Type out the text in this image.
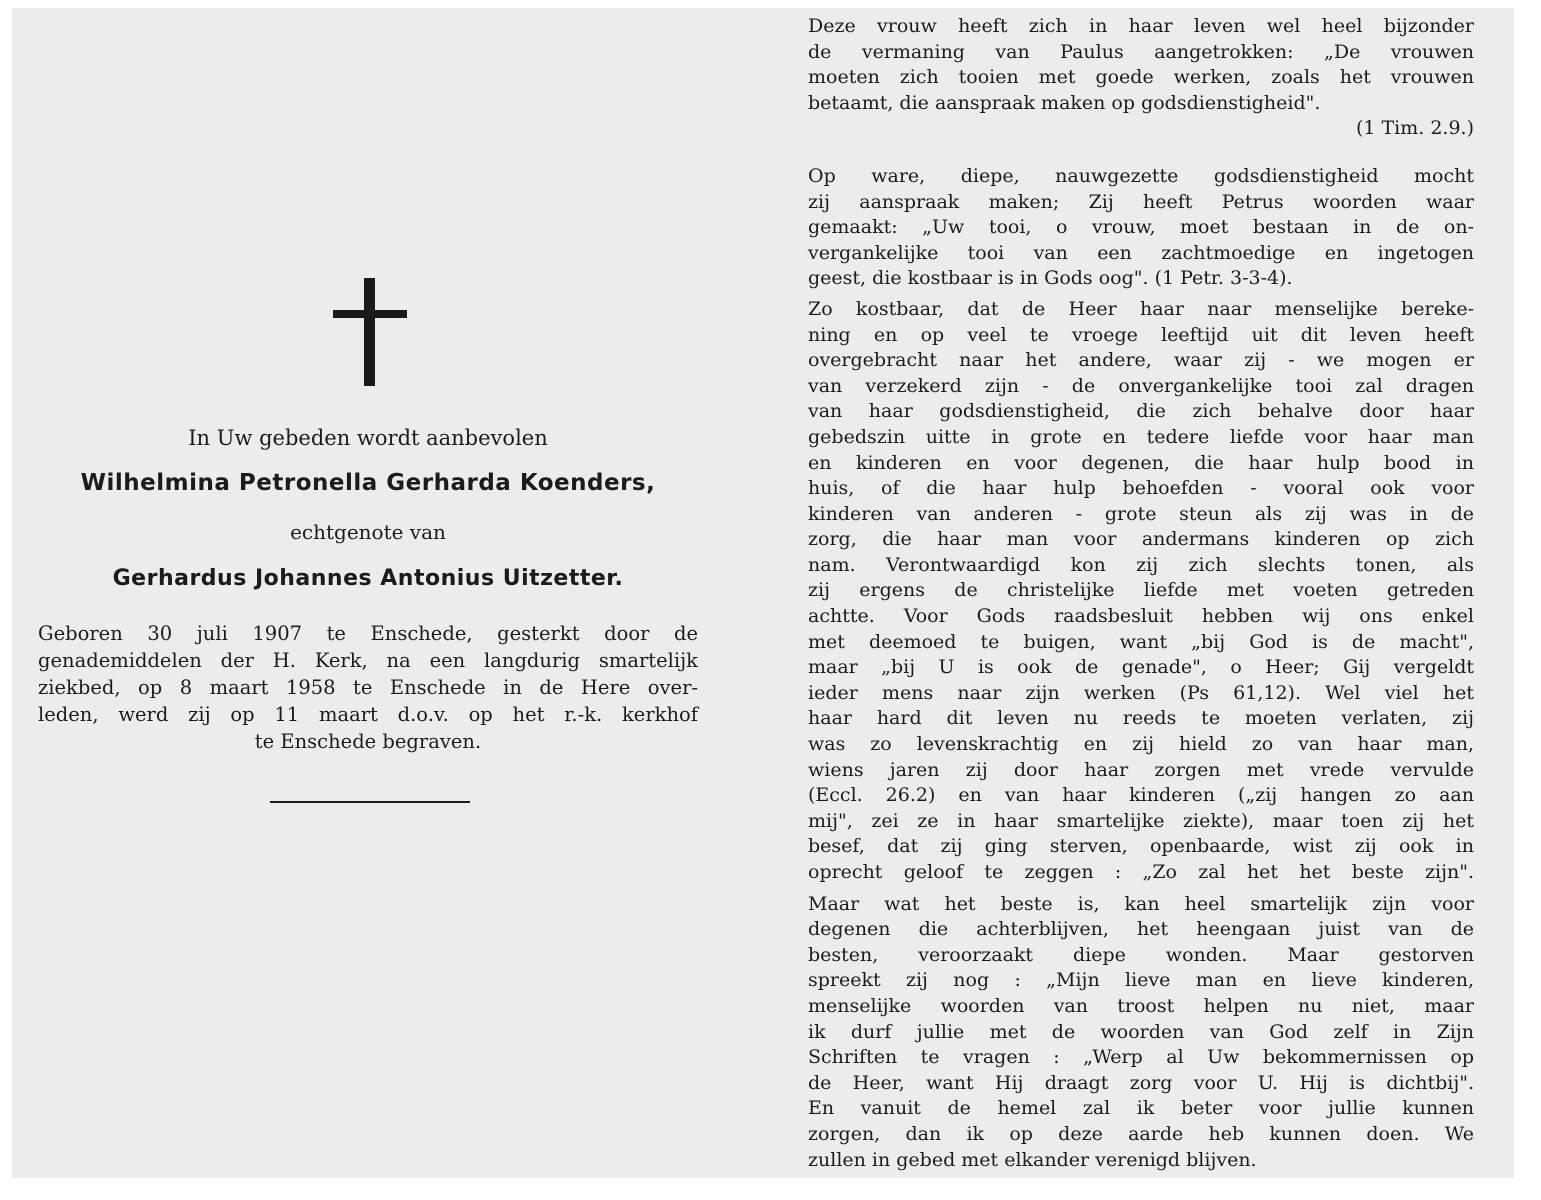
In Uw gebeden wordt aanbevolen
Wilhelmina Petronella Gerharda Koenders,
echtgenote van
Gerhardus Johannes Antonius Uitzetter.
Geboren 30 juli 1907 te Enschede, gesterkt door de
genademiddelen der H. Kerk, na een langdurig smartelijk
ziekbed, op 8 maart 1958 te Enschede in de Here over-
leden, werd zij op 11 maart d.o.v. op het r.-k. kerkhof
te Enschede begraven.
Deze vrouw heeft zich in haar leven wel heel bijzonder
de vermaning van Paulus aangetrokken: „De vrouwen
moeten zich tooien met goede werken, zoals het vrouwen
betaamt, die aanspraak maken op godsdienstigheid".
(1 Tim. 2.9.)
Op ware, diepe, nauwgezette godsdienstigheid mocht
zij aanspraak maken; Zij heeft Petrus woorden waar
gemaakt: „Uw tooi, o vrouw, moet bestaan in de on-
vergankelijke tooi van een zachtmoedige en ingetogen
geest, die kostbaar is in Gods oog". (1 Petr. 3-3-4).
Zo kostbaar, dat de Heer haar naar menselijke bereke-
ning en op veel te vroege leeftijd uit dit leven heeft
overgebracht naar het andere, waar zij - we mogen er
van verzekerd zijn - de onvergankelijke tooi zal dragen
van haar godsdienstigheid, die zich behalve door haar
gebedszin uitte in grote en tedere liefde voor haar man
en kinderen en voor degenen, die haar hulp bood in
huis, of die haar hulp behoefden - vooral ook voor
kinderen van anderen - grote steun als zij was in de
zorg, die haar man voor andermans kinderen op zich
nam. Verontwaardigd kon zij zich slechts tonen, als
zij ergens de christelijke liefde met voeten getreden
achtte. Voor Gods raadsbesluit hebben wij ons enkel
met deemoed te buigen, want „bij God is de macht",
maar „bij U is ook de genade", o Heer; Gij vergeldt
ieder mens naar zijn werken (Ps 61,12). Wel viel het
haar hard dit leven nu reeds te moeten verlaten, zij
was zo levenskrachtig en zij hield zo van haar man,
wiens jaren zij door haar zorgen met vrede vervulde
(Eccl. 26.2) en van haar kinderen („zij hangen zo aan
mij", zei ze in haar smartelijke ziekte), maar toen zij het
besef, dat zij ging sterven, openbaarde, wist zij ook in
oprecht geloof te zeggen : „Zo zal het het beste zijn".
Maar wat het beste is, kan heel smartelijk zijn voor
degenen die achterblijven, het heengaan juist van de
besten, veroorzaakt diepe wonden. Maar gestorven
spreekt zij nog : „Mijn lieve man en lieve kinderen,
menselijke woorden van troost helpen nu niet, maar
ik durf jullie met de woorden van God zelf in Zijn
Schriften te vragen : „Werp al Uw bekommernissen op
de Heer, want Hij draagt zorg voor U. Hij is dichtbij".
En vanuit de hemel zal ik beter voor jullie kunnen
zorgen, dan ik op deze aarde heb kunnen doen. We
zullen in gebed met elkander verenigd blijven.
